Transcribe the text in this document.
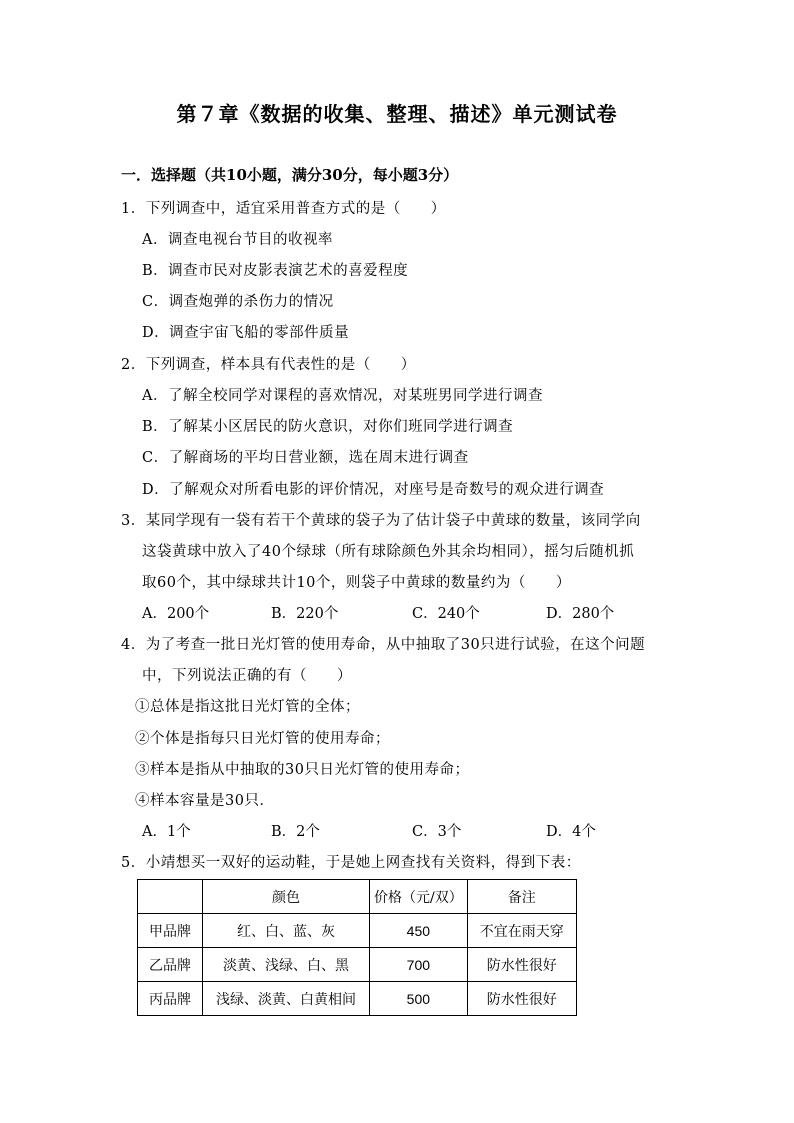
第７章《数据的收集、整理、描述》单元测试卷
一．选择题（共10小题，满分30分，每小题3分）
1．下列调查中，适宜采用普查方式的是（　　）
A．调查电视台节目的收视率
B．调查市民对皮影表演艺术的喜爱程度
C．调查炮弹的杀伤力的情况
D．调查宇宙飞船的零部件质量
2．下列调查，样本具有代表性的是（　　）
A．了解全校同学对课程的喜欢情况，对某班男同学进行调查
B．了解某小区居民的防火意识，对你们班同学进行调查
C．了解商场的平均日营业额，选在周末进行调查
D．了解观众对所看电影的评价情况，对座号是奇数号的观众进行调查
3．某同学现有一袋有若干个黄球的袋子为了估计袋子中黄球的数量，该同学向
这袋黄球中放入了40个绿球（所有球除颜色外其余均相同），摇匀后随机抓
取60个，其中绿球共计10个，则袋子中黄球的数量约为（　　）
A．200个	B．220个	C．240个	D．280个
4．为了考查一批日光灯管的使用寿命，从中抽取了30只进行试验，在这个问题
中，下列说法正确的有（　　）
①总体是指这批日光灯管的全体；
②个体是指每只日光灯管的使用寿命；
③样本是指从中抽取的30只日光灯管的使用寿命；
④样本容量是30只．
A．1个	B．2个	C．3个	D．4个
5．小靖想买一双好的运动鞋，于是她上网查找有关资料，得到下表：
	颜色	价格（元/双）	备注
甲品牌	红、白、蓝、灰	450	不宜在雨天穿
乙品牌	淡黄、浅绿、白、黑	700	防水性很好
丙品牌	浅绿、淡黄、白黄相间	500	防水性很好
